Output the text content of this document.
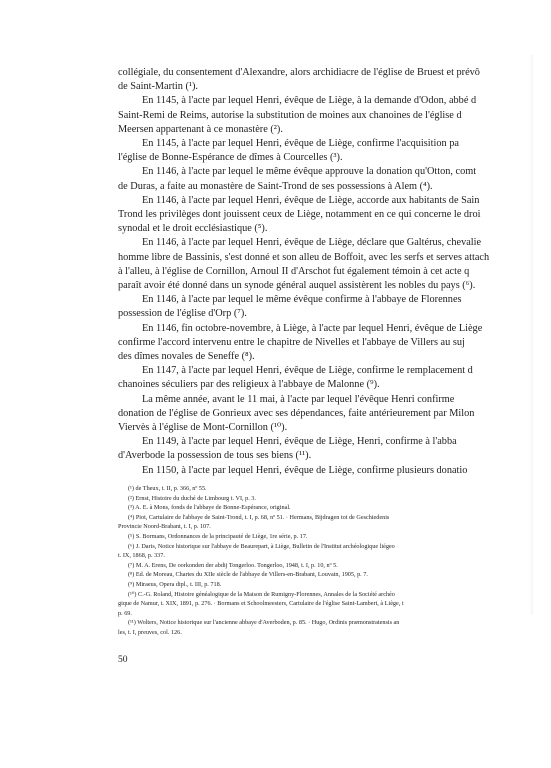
collégiale, du consentement d'Alexandre, alors archidiacre de l'église de Bruest et prévô

de Saint-Martin (¹).

En 1145, à l'acte par lequel Henri, évêque de Liège, à la demande d'Odon, abbé d

Saint-Remi de Reims, autorise la substitution de moines aux chanoines de l'église d

Meersen appartenant à ce monastère (²).

En 1145, à l'acte par lequel Henri, évêque de Liège, confirme l'acquisition pa

l'église de Bonne-Espérance de dîmes à Courcelles (³).

En 1146, à l'acte par lequel le même évêque approuve la donation qu'Otton, comt

de Duras, a faite au monastère de Saint-Trond de ses possessions à Alem (⁴).

En 1146, à l'acte par lequel Henri, évêque de Liège, accorde aux habitants de Sain

Trond les privilèges dont jouissent ceux de Liège, notamment en ce qui concerne le droi

synodal et le droit ecclésiastique (⁵).

En 1146, à l'acte par lequel Henri, évêque de Liège, déclare que Galtérus, chevalie

homme libre de Bassinis, s'est donné et son alleu de Boffoit, avec les serfs et serves attach

à l'alleu, à l'église de Cornillon, Arnoul II d'Arschot fut également témoin à cet acte q

paraît avoir été donné dans un synode général auquel assistèrent les nobles du pays (⁶).

En 1146, à l'acte par lequel le même évêque confirme à l'abbaye de Florennes

possession de l'église d'Orp (⁷).

En 1146, fin octobre-novembre, à Liège, à l'acte par lequel Henri, évêque de Liège

confirme l'accord intervenu entre le chapitre de Nivelles et l'abbaye de Villers au suj

des dîmes novales de Seneffe (⁸).

En 1147, à l'acte par lequel Henri, évêque de Liège, confirme le remplacement d

chanoines séculiers par des religieux à l'abbaye de Malonne (⁹).

La même année, avant le 11 mai, à l'acte par lequel l'évêque Henri confirme

donation de l'église de Gonrieux avec ses dépendances, faite antérieurement par Milon

Viervès à l'église de Mont-Cornillon (¹⁰).

En 1149, à l'acte par lequel Henri, évêque de Liège, Henri, confirme à l'abba

d'Averbode la possession de tous ses biens (¹¹).

En 1150, à l'acte par lequel Henri, évêque de Liège, confirme plusieurs donatio

(¹) de Theux, t. II, p. 366, nº 55.
(²) Ernst, Histoire du duché de Limbourg t. VI, p. 3.
(³) A. E. à Mons, fonds de l'abbaye de Bonne-Espérance, original.
(⁴) Piot, Cartulaire de l'abbaye de Saint-Trond, t. I, p. 68, nº 51. · Hermans, Bijdragen tot de Geschiedenis
Provincie Noord-Brabant, t. I, p. 107.
(⁵) S. Bormans, Ordonnances de la principauté de Liège, 1re série, p. 17.
(⁶) J. Daris, Notice historique sur l'abbaye de Beaurepart, à Liège, Bulletin de l'Institut archéologique liégeo
t. IX, 1868, p. 337.
(⁷) M. A. Erens, De oorkonden der abdij Tongerloo. Tongerloo, 1948, t. I, p. 10, nº 5.
(⁸) Ed. de Moreau, Chartes du XIIe siècle de l'abbaye de Villers-en-Brabant, Louvain, 1905, p. 7.
(⁹) Miraeus, Opera dipl., t. III, p. 718.
(¹⁰) C.-G. Roland, Histoire généalogique de la Maison de Rumigny-Florennes, Annales de la Société archéo
gique de Namur, t. XIX, 1891, p. 276. · Bormans et Schoolmeesters, Cartulaire de l'église Saint-Lambert, à Liège, t
p. 69.
(¹¹) Wolters, Notice historique sur l'ancienne abbaye d'Averboden, p. 85. · Hugo, Ordinis præmonstratensis an
les, t. I, preuves, col. 126.
50
